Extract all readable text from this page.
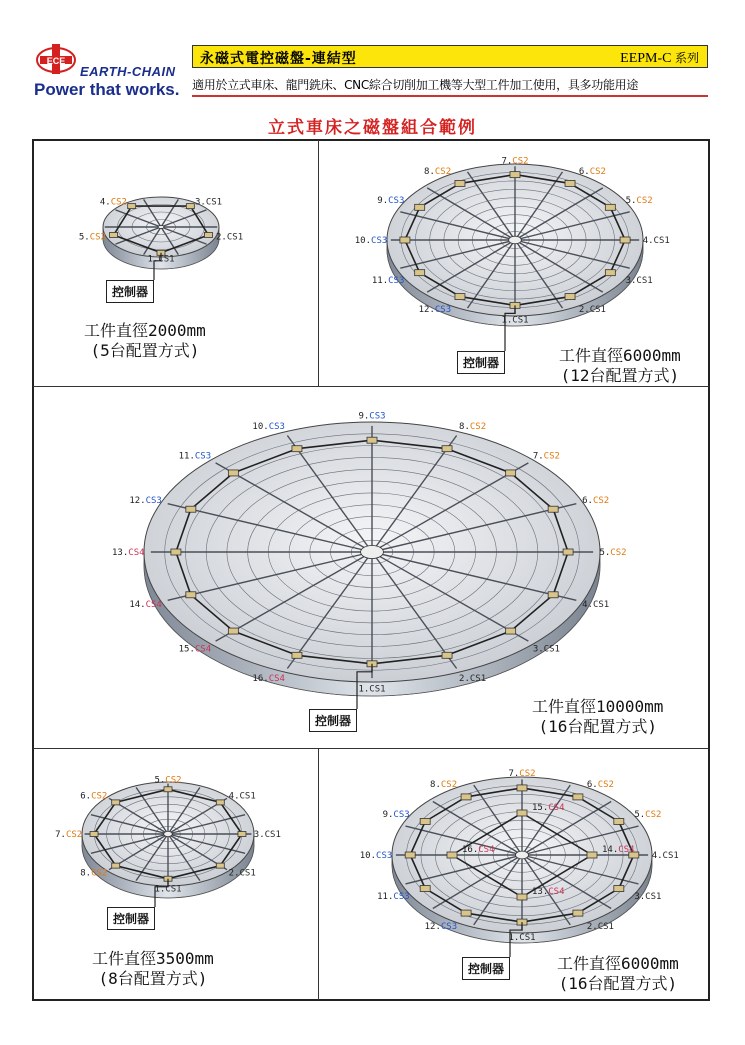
ECE
EARTH-CHAIN
Power that works.
永磁式電控磁盤-連結型	EEPM-C 系列
適用於立式車床、龍門銑床、CNC綜合切削加工機等大型工件加工使用，具多功能用途
立式車床之磁盤組合範例
1.CS1
2.CS1
3.CS1
4.CS2
5.CS2
控制器
工件直徑2000mm
(5台配置方式)
1.CS1
2.CS1
3.CS1
4.CS1
5.CS2
6.CS2
7.CS2
8.CS2
9.CS3
10.CS3
11.CS3
12.CS3
控制器	工件直徑6000mm
(12台配置方式)
1.CS1
2.CS1
3.CS1
4.CS1
5.CS2
6.CS2
7.CS2
8.CS2
9.CS3
10.CS3
11.CS3
12.CS3
13.CS4
14.CS4
15.CS4
16.CS4
控制器
工件直徑10000mm
(16台配置方式)
1.CS1
2.CS1
3.CS1
4.CS1
5.CS2
6.CS2
7.CS2
8.CS2
控制器
工件直徑3500mm
(8台配置方式)
1.CS1
2.CS1
3.CS1
4.CS1
5.CS2
6.CS2
7.CS2
8.CS2
9.CS3
10.CS3
11.CS3
12.CS3
13.CS4
14.CS4
15.CS4
16.CS4
控制器	工件直徑6000mm
(16台配置方式)
